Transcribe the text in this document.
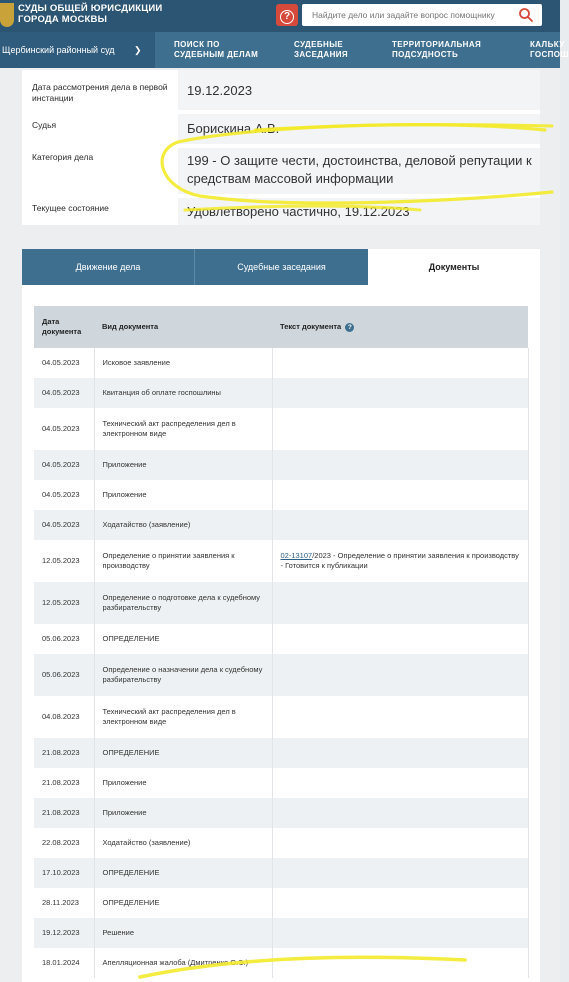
СУДЫ ОБЩЕЙ ЮРИСДИКЦИИ
ГОРОДА МОСКВЫ	?
Найдите дело или задайте вопрос помощнику
Щербинский районный суд ❯
ПОИСК ПО
СУДЕБНЫМ ДЕЛАМ
СУДЕБНЫЕ
ЗАСЕДАНИЯ
ТЕРРИТОРИАЛЬНАЯ
ПОДСУДНОСТЬ
КАЛЬКУ
ГОСПОШ
Дата рассмотрения дела в первой инстанции	19.12.2023
Судья	Борискина А.В.
Категория дела	199 - О защите чести, достоинства, деловой репутации к средствам массовой информации
Текущее состояние	Удовлетворено частично, 19.12.2023
Движение дела	Судебные заседания	Документы
Дата документа	Вид документа	Текст документа ?
04.05.2023	Исковое заявление	
04.05.2023	Квитанция об оплате госпошлины	
04.05.2023	Технический акт распределения дел в электронном виде	
04.05.2023	Приложение	
04.05.2023	Приложение	
04.05.2023	Ходатайство (заявление)	
12.05.2023	Определение о принятии заявления к производству	02-13107/2023 - Определение о принятии заявления к производству - Готовится к публикации
12.05.2023	Определение о подготовке дела к судебному разбирательству	
05.06.2023	ОПРЕДЕЛЕНИЕ	
05.06.2023	Определение о назначении дела к судебному разбирательству	
04.08.2023	Технический акт распределения дел в электронном виде	
21.08.2023	ОПРЕДЕЛЕНИЕ	
21.08.2023	Приложение	
21.08.2023	Приложение	
22.08.2023	Ходатайство (заявление)	
17.10.2023	ОПРЕДЕЛЕНИЕ	
28.11.2023	ОПРЕДЕЛЕНИЕ	
19.12.2023	Решение	
18.01.2024	Апелляционная жалоба (Дмитренко О.Э.)	
